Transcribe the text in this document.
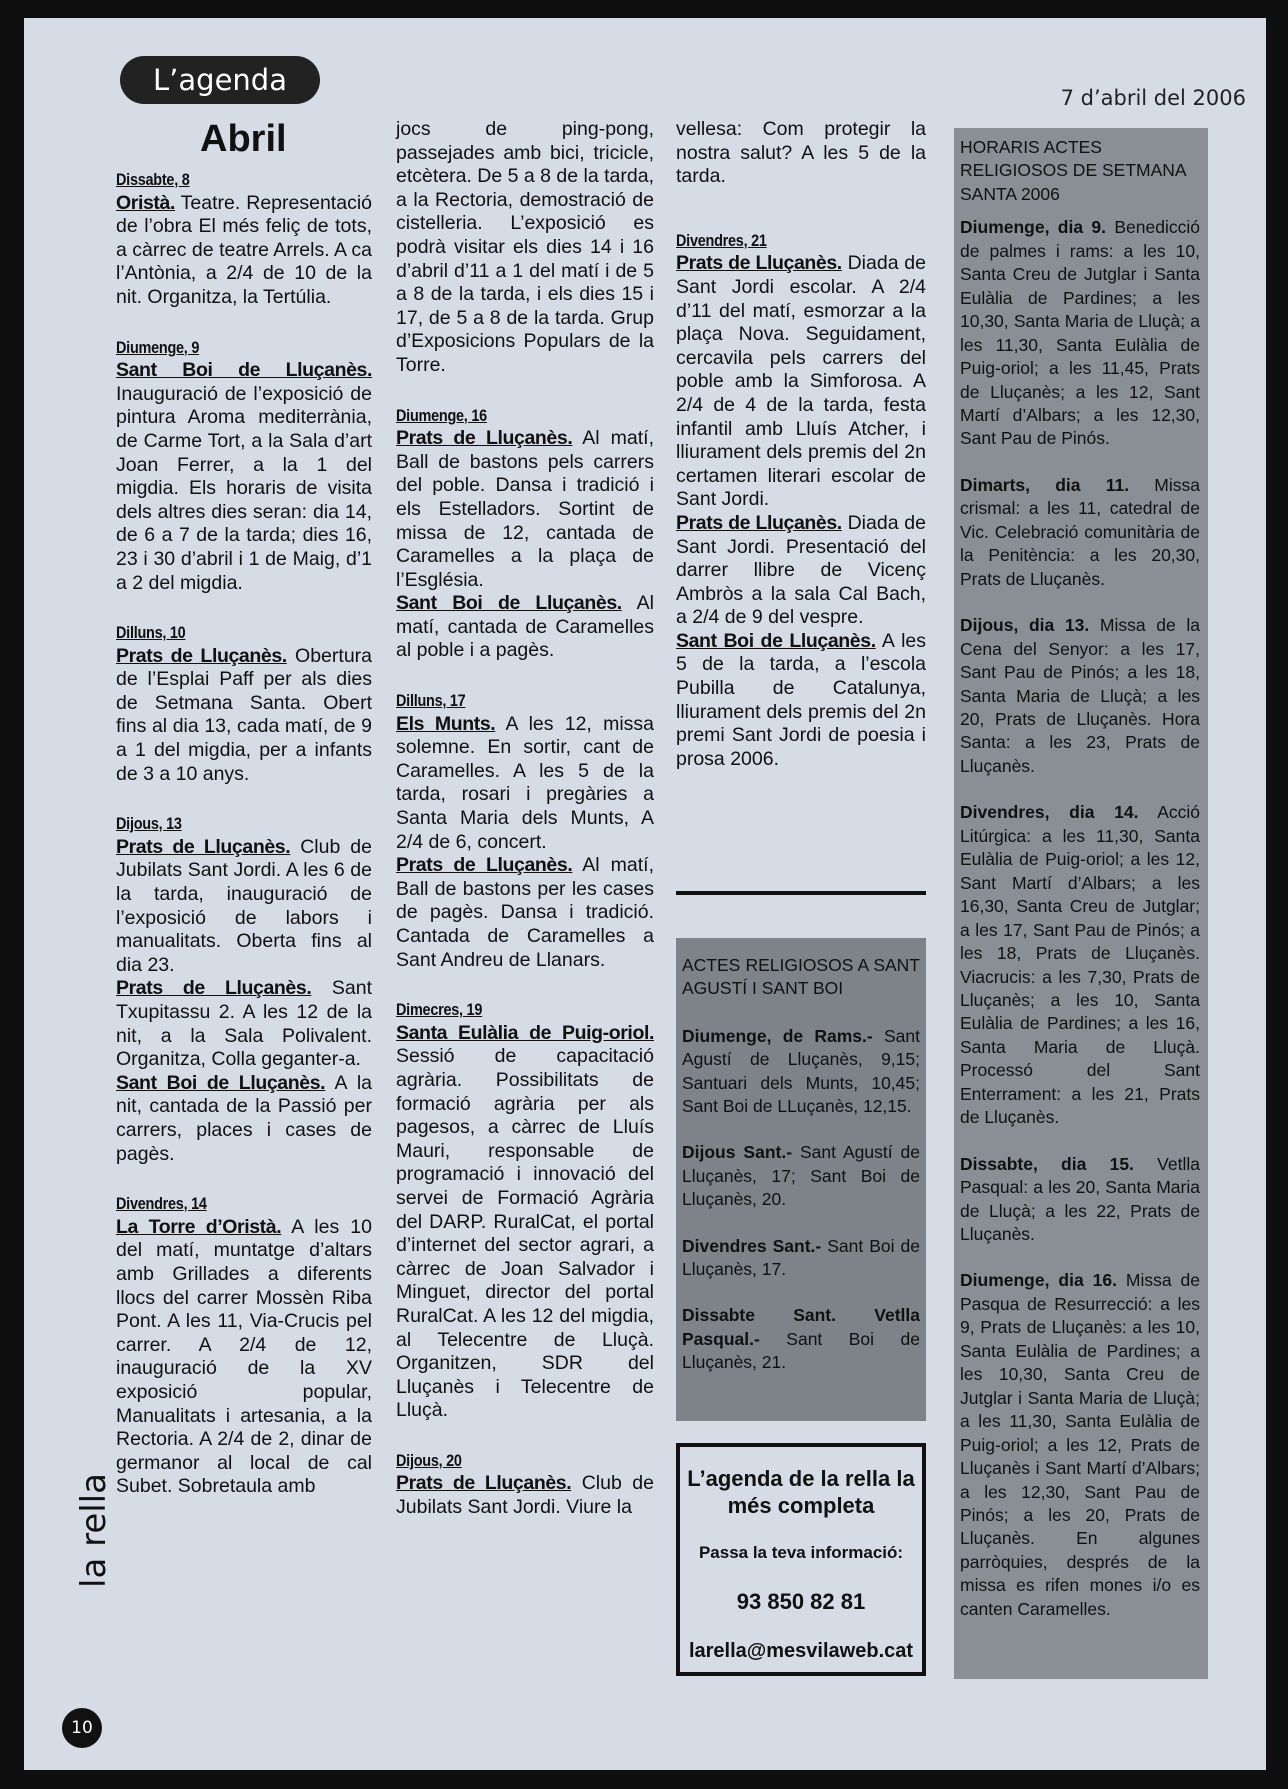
L’agenda
7 d’abril del 2006
Abril
Dissabte, 8

Oristà. Teatre. Representació de l’obra El més feliç de tots, a càrrec de teatre Arrels. A ca l’Antònia, a 2/4 de 10 de la nit. Organitza, la Tertúlia.

Diumenge, 9

Sant Boi de Lluçanès. Inauguració de l’exposició de pintura Aroma mediterrània, de Carme Tort, a la Sala d’art Joan Ferrer, a la 1 del migdia. Els horaris de visita dels altres dies seran: dia 14, de 6 a 7 de la tarda; dies 16, 23 i 30 d’abril i 1 de Maig, d’1 a 2 del migdia.

Dilluns, 10

Prats de Lluçanès. Obertura de l’Esplai Paff per als dies de Setmana Santa. Obert fins al dia 13, cada matí, de 9 a 1 del migdia, per a infants de 3 a 10 anys.

Dijous, 13

Prats de Lluçanès. Club de Jubilats Sant Jordi. A les 6 de la tarda, inauguració de l’exposició de labors i manualitats. Oberta fins al dia 23.

Prats de Lluçanès. Sant Txupitassu 2. A les 12 de la nit, a la Sala Polivalent. Organitza, Colla geganter-a.

Sant Boi de Lluçanès. A la nit, cantada de la Passió per carrers, places i cases de pagès.

Divendres, 14

La Torre d’Oristà. A les 10 del matí, muntatge d’altars amb Grillades a diferents llocs del carrer Mossèn Riba Pont. A les 11, Via-Crucis pel carrer. A 2/4 de 12, inauguració de la XV exposició popular, Manualitats i artesania, a la Rectoria. A 2/4 de 2, dinar de germanor al local de cal Subet. Sobretaula amb

jocs de ping-pong, passejades amb bici, tricicle, etcètera. De 5 a 8 de la tarda, a la Rectoria, demostració de cistelleria. L’exposició es podrà visitar els dies 14 i 16 d’abril d’11 a 1 del matí i de 5 a 8 de la tarda, i els dies 15 i 17, de 5 a 8 de la tarda. Grup d’Exposicions Populars de la Torre.

Diumenge, 16

Prats de Lluçanès. Al matí, Ball de bastons pels carrers del poble. Dansa i tradició i els Estelladors. Sortint de missa de 12, cantada de Caramelles a la plaça de l’Església.

Sant Boi de Lluçanès. Al matí, cantada de Caramelles al poble i a pagès.

Dilluns, 17

Els Munts. A les 12, missa solemne. En sortir, cant de Caramelles. A les 5 de la tarda, rosari i pregàries a Santa Maria dels Munts, A 2/4 de 6, concert.

Prats de Lluçanès. Al matí, Ball de bastons per les cases de pagès. Dansa i tradició. Cantada de Caramelles a Sant Andreu de Llanars.

Dimecres, 19

Santa Eulàlia de Puig-oriol. Sessió de capacitació agrària. Possibilitats de formació agrària per als pagesos, a càrrec de Lluís Mauri, responsable de programació i innovació del servei de Formació Agrària del DARP. RuralCat, el portal d’internet del sector agrari, a càrrec de Joan Salvador i Minguet, director del portal RuralCat. A les 12 del migdia, al Telecentre de Lluçà. Organitzen, SDR del Lluçanès i Telecentre de Lluçà.

Dijous, 20

Prats de Lluçanès. Club de Jubilats Sant Jordi. Viure la

vellesa: Com protegir la nostra salut? A les 5 de la tarda.

Divendres, 21

Prats de Lluçanès. Diada de Sant Jordi escolar. A 2/4 d’11 del matí, esmorzar a la plaça Nova. Seguidament, cercavila pels carrers del poble amb la Simforosa. A 2/4 de 4 de la tarda, festa infantil amb Lluís Atcher, i lliurament dels premis del 2n certamen literari escolar de Sant Jordi.

Prats de Lluçanès. Diada de Sant Jordi. Presentació del darrer llibre de Vicenç Ambròs a la sala Cal Bach, a 2/4 de 9 del vespre.

Sant Boi de Lluçanès. A les 5 de la tarda, a l’escola Pubilla de Catalunya, lliurament dels premis del 2n premi Sant Jordi de poesia i prosa 2006.

ACTES RELIGIOSOS A SANT AGUSTÍ I SANT BOI

Diumenge, de Rams.- Sant Agustí de Lluçanès, 9,15; Santuari dels Munts, 10,45; Sant Boi de LLuçanès, 12,15.

Dijous Sant.- Sant Agustí de Lluçanès, 17; Sant Boi de Lluçanès, 20.

Divendres Sant.- Sant Boi de Lluçanès, 17.

Dissabte Sant. Vetlla Pasqual.- Sant Boi de Lluçanès, 21.

HORARIS ACTES RELIGIOSOS DE SETMANA SANTA 2006

Diumenge, dia 9. Benedicció de palmes i rams: a les 10, Santa Creu de Jutglar i Santa Eulàlia de Pardines; a les 10,30, Santa Maria de Lluçà; a les 11,30, Santa Eulàlia de Puig-oriol; a les 11,45, Prats de Lluçanès; a les 12, Sant Martí d’Albars; a les 12,30, Sant Pau de Pinós.

Dimarts, dia 11. Missa crismal: a les 11, catedral de Vic. Celebració comunitària de la Penitència: a les 20,30, Prats de Lluçanès.

Dijous, dia 13. Missa de la Cena del Senyor: a les 17, Sant Pau de Pinós; a les 18, Santa Maria de Lluçà; a les 20, Prats de Lluçanès. Hora Santa: a les 23, Prats de Lluçanès.

Divendres, dia 14. Acció Litúrgica: a les 11,30, Santa Eulàlia de Puig-oriol; a les 12, Sant Martí d’Albars; a les 16,30, Santa Creu de Jutglar; a les 17, Sant Pau de Pinós; a les 18, Prats de Lluçanès. Viacrucis: a les 7,30, Prats de Lluçanès; a les 10, Santa Eulàlia de Pardines; a les 16, Santa Maria de Lluçà. Processó del Sant Enterrament: a les 21, Prats de Lluçanès.

Dissabte, dia 15. Vetlla Pasqual: a les 20, Santa Maria de Lluçà; a les 22, Prats de Lluçanès.

Diumenge, dia 16. Missa de Pasqua de Resurrecció: a les 9, Prats de Lluçanès: a les 10, Santa Eulàlia de Pardines; a les 10,30, Santa Creu de Jutglar i Santa Maria de Lluçà; a les 11,30, Santa Eulàlia de Puig-oriol; a les 12, Prats de Lluçanès i Sant Martí d’Albars; a les 12,30, Sant Pau de Pinós; a les 20, Prats de Lluçanès. En algunes parròquies, després de la missa es rifen mones i/o es canten Caramelles.

L’agenda de la rella la més completa
Passa la teva informació:
93 850 82 81
larella@mesvilaweb.cat
la rella
10
